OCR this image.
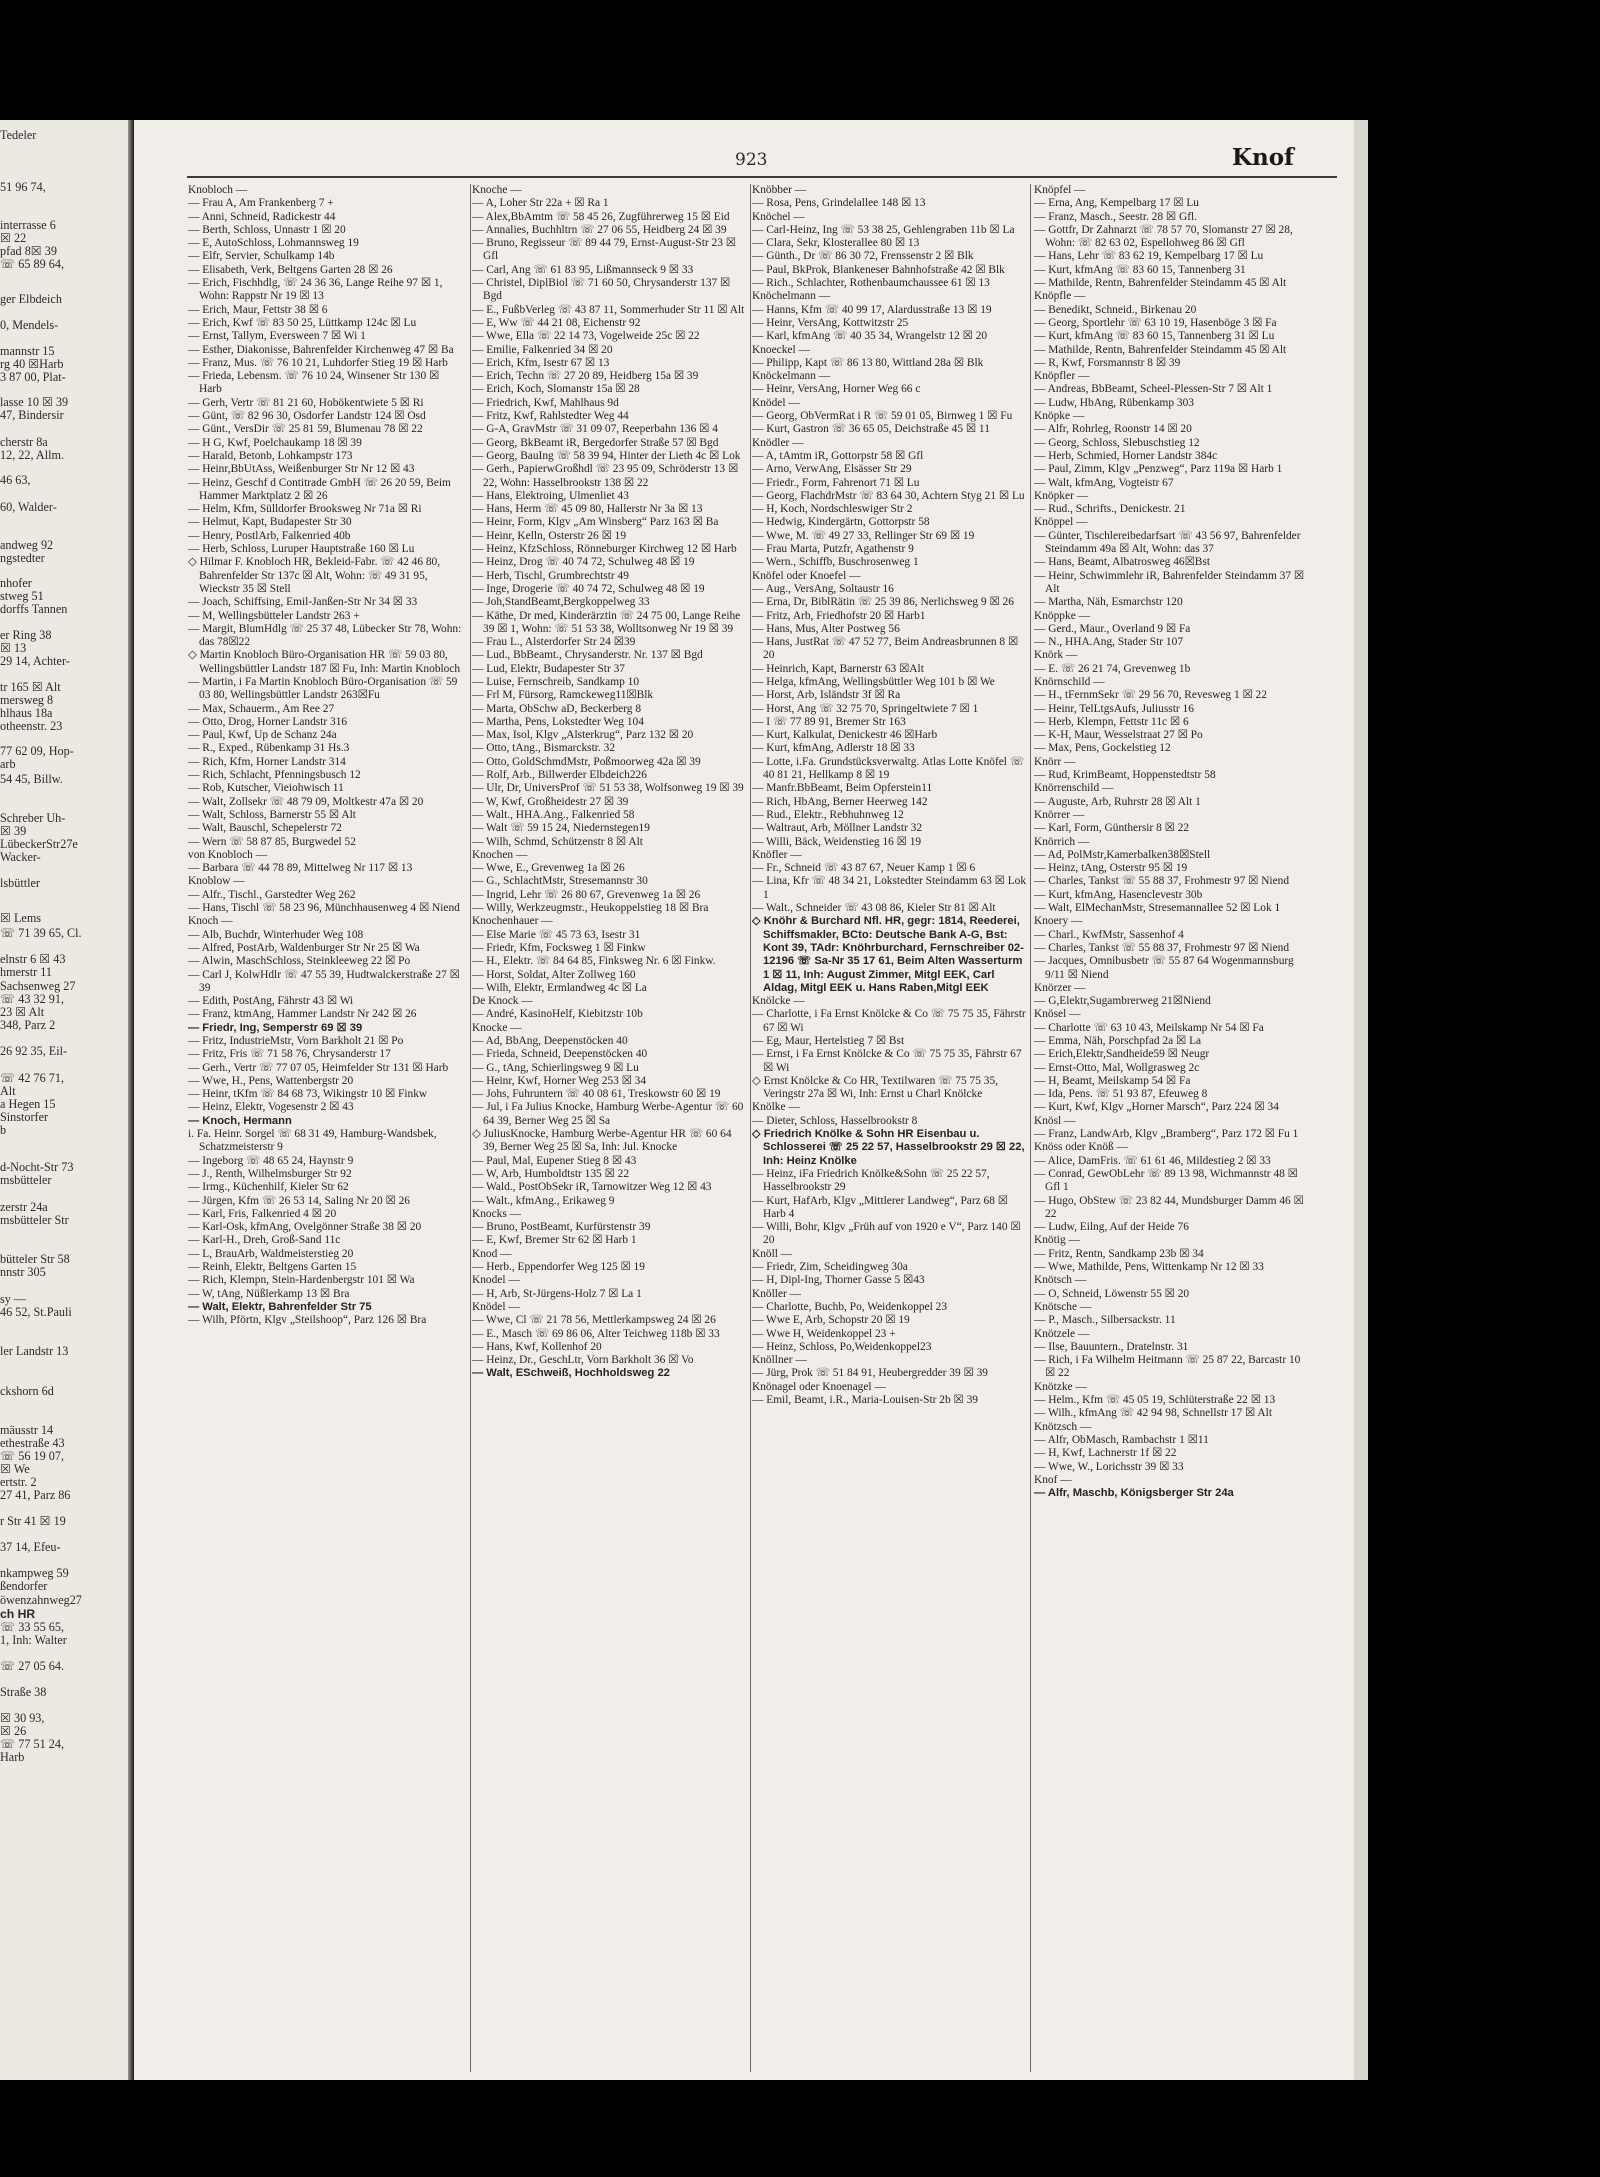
Tedeler
51 96 74,
interrasse 6
☒ 22
pfad 8☒ 39
☏ 65 89 64,
ger Elbdeich
0, Mendels-
mannstr 15
rg 40 ☒Harb
3 87 00, Plat-
lasse 10 ☒ 39
47, Bindersir
cherstr 8a
12, 22, Allm.
46 63,
60, Walder-
andweg 92
ngstedter
nhofer
stweg 51
dorffs Tannen
er Ring 38
☒ 13
29 14, Achter-
tr 165 ☒ Alt
mersweg 8
hlhaus 18a
otheenstr. 23
77 62 09, Hop-
arb
54 45, Billw.
Schreber Uh-
☒ 39
LübeckerStr27e
Wacker-
lsbüttler
☒ Lems
☏ 71 39 65, Cl.
elnstr 6 ☒ 43
hmerstr 11
Sachsenweg 27
☏ 43 32 91,
23 ☒ Alt
348, Parz 2
26 92 35, Eil-
☏ 42 76 71,
Alt
a Hegen 15
Sinstorfer
b
d-Nocht-Str 73
msbütteler
zerstr 24a
msbütteler Str
bütteler Str 58
nnstr 305
sy —
46 52, St.Pauli
ler Landstr 13
ckshorn 6d
mäusstr 14
ethestraße 43
☏ 56 19 07,
☒ We
ertstr. 2
27 41, Parz 86
r Str 41 ☒ 19
37 14, Efeu-
nkampweg 59
ßendorfer
öwenzahnweg27
ch HR
☏ 33 55 65,
1, Inh: Walter
☏ 27 05 64.
Straße 38
☒ 30 93,
☒ 26
☏ 77 51 24,
Harb
923	Knof
Knobloch —
— Frau A, Am Frankenberg 7 +
— Anni, Schneid, Radickestr 44
— Berth, Schloss, Unnastr 1 ☒ 20
— E, AutoSchloss, Lohmannsweg 19
— Elfr, Servier, Schulkamp 14b
— Elisabeth, Verk, Beltgens Garten 28 ☒ 26
— Erich, Fischhdlg, ☏ 24 36 36, Lange Reihe 97 ☒ 1, Wohn: Rappstr Nr 19 ☒ 13
— Erich, Maur, Fettstr 38 ☒ 6
— Erich, Kwf ☏ 83 50 25, Lüttkamp 124c ☒ Lu
— Ernst, Tallym, Eversween 7 ☒ Wi 1
— Esther, Diakonisse, Bahrenfelder Kirchenweg 47 ☒ Ba
— Franz, Mus. ☏ 76 10 21, Luhdorfer Stieg 19 ☒ Harb
— Frieda, Lebensm. ☏ 76 10 24, Winsener Str 130 ☒ Harb
— Gerh, Vertr ☏ 81 21 60, Hobökentwiete 5 ☒ Ri
— Günt, ☏ 82 96 30, Osdorfer Landstr 124 ☒ Osd
— Günt., VersDir ☏ 25 81 59, Blumenau 78 ☒ 22
— H G, Kwf, Poelchaukamp 18 ☒ 39
— Harald, Betonb, Lohkampstr 173
— Heinr,BbUtAss, Weißenburger Str Nr 12 ☒ 43
— Heinz, Geschf d Contitrade GmbH ☏ 26 20 59, Beim Hammer Marktplatz 2 ☒ 26
— Helm, Kfm, Sülldorfer Brooksweg Nr 71a ☒ Ri
— Helmut, Kapt, Budapester Str 30
— Henry, PostlArb, Falkenried 40b
— Herb, Schloss, Luruper Hauptstraße 160 ☒ Lu
◇ Hilmar F. Knobloch HR, Bekleid-Fabr. ☏ 42 46 80, Bahrenfelder Str 137c ☒ Alt, Wohn: ☏ 49 31 95, Wieckstr 35 ☒ Stell
— Joach, Schiffsing, Emil-Janßen-Str Nr 34 ☒ 33
— M, Wellingsbütteler Landstr 263 +
— Margit, BlumHdlg ☏ 25 37 48, Lübecker Str 78, Wohn: das 78☒22
◇ Martin Knobloch Büro-Organisation HR ☏ 59 03 80, Wellingsbüttler Landstr 187 ☒ Fu, Inh: Martin Knobloch
— Martin, i Fa Martin Knobloch Büro-Organisation ☏ 59 03 80, Wellingsbüttler Landstr 263☒Fu
— Max, Schauerm., Am Ree 27
— Otto, Drog, Horner Landstr 316
— Paul, Kwf, Up de Schanz 24a
— R., Exped., Rübenkamp 31 Hs.3
— Rich, Kfm, Horner Landstr 314
— Rich, Schlacht, Pfenningsbusch 12
— Rob, Kutscher, Vieiohwisch 11
— Walt, Zollsekr ☏ 48 79 09, Moltkestr 47a ☒ 20
— Walt, Schloss, Barnerstr 55 ☒ Alt
— Walt, Bauschl, Schepelerstr 72
— Wern ☏ 58 87 85, Burgwedel 52
von Knobloch —
— Barbara ☏ 44 78 89, Mittelweg Nr 117 ☒ 13
Knoblow —
— Alfr., Tischl., Garstedter Weg 262
— Hans, Tischl ☏ 58 23 96, Münchhausenweg 4 ☒ Niend
Knoch —
— Alb, Buchdr, Winterhuder Weg 108
— Alfred, PostArb, Waldenburger Str Nr 25 ☒ Wa
— Alwin, MaschSchloss, Steinkleeweg 22 ☒ Po
— Carl J, KolwHdlr ☏ 47 55 39, Hudtwalckerstraße 27 ☒ 39
— Edith, PostAng, Fährstr 43 ☒ Wi
— Franz, ktmAng, Hammer Landstr Nr 242 ☒ 26
— Friedr, Ing, Semperstr 69 ☒ 39
— Fritz, IndustrieMstr, Vorn Barkholt 21 ☒ Po
— Fritz, Fris ☏ 71 58 76, Chrysanderstr 17
— Gerh., Vertr ☏ 77 07 05, Heimfelder Str 131 ☒ Harb
— Wwe, H., Pens, Wattenbergstr 20
— Heinr, tKfm ☏ 84 68 73, Wikingstr 10 ☒ Finkw
— Heinz, Elektr, Vogesenstr 2 ☒ 43
— Knoch, Hermann
i. Fa. Heinr. Sorgel ☏ 68 31 49, Hamburg-Wandsbek, Schatzmeisterstr 9
— Ingeborg ☏ 48 65 24, Haynstr 9
— J., Renth, Wilhelmsburger Str 92
— Irmg., Küchenhilf, Kieler Str 62
— Jürgen, Kfm ☏ 26 53 14, Saling Nr 20 ☒ 26
— Karl, Fris, Falkenried 4 ☒ 20
— Karl-Osk, kfmAng, Ovelgönner Straße 38 ☒ 20
— Karl-H., Dreh, Groß-Sand 11c
— L, BrauArb, Waldmeisterstieg 20
— Reinh, Elektr, Beltgens Garten 15
— Rich, Klempn, Stein-Hardenbergstr 101 ☒ Wa
— W, tAng, Nüßlerkamp 13 ☒ Bra
— Walt, Elektr, Bahrenfelder Str 75
— Wilh, Pförtn, Klgv „Steilshoop“, Parz 126 ☒ Bra
Knoche —
— A, Loher Str 22a + ☒ Ra 1
— Alex,BbAmtm ☏ 58 45 26, Zugführerweg 15 ☒ Eid
— Annalies, Buchhltrn ☏ 27 06 55, Heidberg 24 ☒ 39
— Bruno, Regisseur ☏ 89 44 79, Ernst-August-Str 23 ☒ Gfl
— Carl, Ang ☏ 61 83 95, Lißmannseck 9 ☒ 33
— Christel, DiplBiol ☏ 71 60 50, Chrysanderstr 137 ☒ Bgd
— E., FußbVerleg ☏ 43 87 11, Sommerhuder Str 11 ☒ Alt
— E, Ww ☏ 44 21 08, Eichenstr 92
— Wwe, Ella ☏ 22 14 73, Vogelweide 25c ☒ 22
— Emilie, Falkenried 34 ☒ 20
— Erich, Kfm, Isestr 67 ☒ 13
— Erich, Techn ☏ 27 20 89, Heidberg 15a ☒ 39
— Erich, Koch, Slomanstr 15a ☒ 28
— Friedrich, Kwf, Mahlhaus 9d
— Fritz, Kwf, Rahlstedter Weg 44
— G-A, GravMstr ☏ 31 09 07, Reeperbahn 136 ☒ 4
— Georg, BkBeamt iR, Bergedorfer Straße 57 ☒ Bgd
— Georg, BauIng ☏ 58 39 94, Hinter der Lieth 4c ☒ Lok
— Gerh., PapierwGroßhdl ☏ 23 95 09, Schröderstr 13 ☒ 22, Wohn: Hasselbrookstr 138 ☒ 22
— Hans, Elektroing, Ulmenliet 43
— Hans, Herm ☏ 45 09 80, Hallerstr Nr 3a ☒ 13
— Heinr, Form, Klgv „Am Winsberg“ Parz 163 ☒ Ba
— Heinr, Kelln, Osterstr 26 ☒ 19
— Heinz, KfzSchloss, Rönneburger Kirchweg 12 ☒ Harb
— Heinz, Drog ☏ 40 74 72, Schulweg 48 ☒ 19
— Herb, Tischl, Grumbrechtstr 49
— Inge, Drogerie ☏ 40 74 72, Schulweg 48 ☒ 19
— Joh,StandBeamt,Bergkoppelweg 33
— Käthe, Dr med, Kinderärztin ☏ 24 75 00, Lange Reihe 39 ☒ 1, Wohn: ☏ 51 53 38, Wolltsonweg Nr 19 ☒ 39
— Frau L., Alsterdorfer Str 24 ☒39
— Lud., BbBeamt., Chrysanderstr. Nr. 137 ☒ Bgd
— Lud, Elektr, Budapester Str 37
— Luise, Fernschreib, Sandkamp 10
— Frl M, Fürsorg, Ramckeweg11☒Blk
— Marta, ObSchw aD, Beckerberg 8
— Martha, Pens, Lokstedter Weg 104
— Max, Isol, Klgv „Alsterkrug“, Parz 132 ☒ 20
— Otto, tAng., Bismarckstr. 32
— Otto, GoldSchmdMstr, Poßmoorweg 42a ☒ 39
— Rolf, Arb., Billwerder Elbdeich226
— Ulr, Dr, UniversProf ☏ 51 53 38, Wolfsonweg 19 ☒ 39
— W, Kwf, Großheidestr 27 ☒ 39
— Walt., HHA.Ang., Falkenried 58
— Walt ☏ 59 15 24, Niedernstegen19
— Wilh, Schmd, Schützenstr 8 ☒ Alt
Knochen —
— Wwe, E., Grevenweg 1a ☒ 26
— G., SchlachtMstr, Stresemannstr 30
— Ingrid, Lehr ☏ 26 80 67, Grevenweg 1a ☒ 26
— Willy, Werkzeugmstr., Heukoppelstieg 18 ☒ Bra
Knochenhauer —
— Else Marie ☏ 45 73 63, Isestr 31
— Friedr, Kfm, Focksweg 1 ☒ Finkw
— H., Elektr. ☏ 84 64 85, Finksweg Nr. 6 ☒ Finkw.
— Horst, Soldat, Alter Zollweg 160
— Wilh, Elektr, Ermlandweg 4c ☒ La
De Knock —
— André, KasinoHelf, Kiebitzstr 10b
Knocke —
— Ad, BbAng, Deepenstöcken 40
— Frieda, Schneid, Deepenstöcken 40
— G., tAng, Schierlingsweg 9 ☒ Lu
— Heinr, Kwf, Horner Weg 253 ☒ 34
— Johs, Fuhruntern ☏ 40 08 61, Treskowstr 60 ☒ 19
— Jul, i Fa Julius Knocke, Hamburg Werbe-Agentur ☏ 60 64 39, Berner Weg 25 ☒ Sa
◇ JuliusKnocke, Hamburg Werbe-Agentur HR ☏ 60 64 39, Berner Weg 25 ☒ Sa, Inh: Jul. Knocke
— Paul, Mal, Eupener Stieg 8 ☒ 43
— W, Arb, Humboldtstr 135 ☒ 22
— Wald., PostObSekr iR, Tarnowitzer Weg 12 ☒ 43
— Walt., kfmAng., Erikaweg 9
Knocks —
— Bruno, PostBeamt, Kurfürstenstr 39
— E, Kwf, Bremer Str 62 ☒ Harb 1
Knod —
— Herb., Eppendorfer Weg 125 ☒ 19
Knodel —
— H, Arb, St-Jürgens-Holz 7 ☒ La 1
Knödel —
— Wwe, Cl ☏ 21 78 56, Mettlerkampsweg 24 ☒ 26
— E., Masch ☏ 69 86 06, Alter Teichweg 118b ☒ 33
— Hans, Kwf, Kollenhof 20
— Heinz, Dr., GeschLtr, Vorn Barkholt 36 ☒ Vo
— Walt, ESchweiß, Hochholdsweg 22
Knöbber —
— Rosa, Pens, Grindelallee 148 ☒ 13
Knöchel —
— Carl-Heinz, Ing ☏ 53 38 25, Gehlengraben 11b ☒ La
— Clara, Sekr, Klosterallee 80 ☒ 13
— Günth., Dr ☏ 86 30 72, Frenssenstr 2 ☒ Blk
— Paul, BkProk, Blankeneser Bahnhofstraße 42 ☒ Blk
— Rich., Schlachter, Rothenbaumchaussee 61 ☒ 13
Knöchelmann —
— Hanns, Kfm ☏ 40 99 17, Alardusstraße 13 ☒ 19
— Heinr, VersAng, Kottwitzstr 25
— Karl, kfmAng ☏ 40 35 34, Wrangelstr 12 ☒ 20
Knoeckel —
— Philipp, Kapt ☏ 86 13 80, Wittland 28a ☒ Blk
Knöckelmann —
— Heinr, VersAng, Horner Weg 66 c
Knödel —
— Georg, ObVermRat i R ☏ 59 01 05, Birnweg 1 ☒ Fu
— Kurt, Gastron ☏ 36 65 05, Deichstraße 45 ☒ 11
Knödler —
— A, tAmtm iR, Gottorpstr 58 ☒ Gfl
— Arno, VerwAng, Elsässer Str 29
— Friedr., Form, Fahrenort 71 ☒ Lu
— Georg, FlachdrMstr ☏ 83 64 30, Achtern Styg 21 ☒ Lu
— H, Koch, Nordschleswiger Str 2
— Hedwig, Kindergärtn, Gottorpstr 58
— Wwe, M. ☏ 49 27 33, Rellinger Str 69 ☒ 19
— Frau Marta, Putzfr, Agathenstr 9
— Wern., Schiffb, Buschrosenweg 1
Knöfel oder Knoefel —
— Aug., VersAng, Soltaustr 16
— Erna, Dr, BiblRätin ☏ 25 39 86, Nerlichsweg 9 ☒ 26
— Fritz, Arb, Friedhofstr 20 ☒ Harb1
— Hans, Mus, Alter Postweg 56
— Hans, JustRat ☏ 47 52 77, Beim Andreasbrunnen 8 ☒ 20
— Heinrich, Kapt, Barnerstr 63 ☒Alt
— Helga, kfmAng, Wellingsbüttler Weg 101 b ☒ We
— Horst, Arb, Isländstr 3f ☒ Ra
— Horst, Ang ☏ 32 75 70, Springeltwiete 7 ☒ 1
— I ☏ 77 89 91, Bremer Str 163
— Kurt, Kalkulat, Denickestr 46 ☒Harb
— Kurt, kfmAng, Adlerstr 18 ☒ 33
— Lotte, i.Fa. Grundstücksverwaltg. Atlas Lotte Knöfel ☏ 40 81 21, Hellkamp 8 ☒ 19
— Manfr.BbBeamt, Beim Opferstein11
— Rich, HbAng, Berner Heerweg 142
— Rud., Elektr., Rebhuhnweg 12
— Waltraut, Arb, Möllner Landstr 32
— Willi, Bäck, Weidenstieg 16 ☒ 19
Knöfler —
— Fr., Schneid ☏ 43 87 67, Neuer Kamp 1 ☒ 6
— Lina, Kfr ☏ 48 34 21, Lokstedter Steindamm 63 ☒ Lok 1
— Walt., Schneider ☏ 43 08 86, Kieler Str 81 ☒ Alt
◇ Knöhr & Burchard Nfl. HR, gegr: 1814, Reederei, Schiffsmakler, BCto: Deutsche Bank A-G, Bst: Kont 39, TAdr: Knöhrburchard, Fernschreiber 02-12196 ☏ Sa-Nr 35 17 61, Beim Alten Wasserturm 1 ☒ 11, Inh: August Zimmer, Mitgl EEK, Carl Aldag, Mitgl EEK u. Hans Raben,Mitgl EEK
Knölcke —
— Charlotte, i Fa Ernst Knölcke & Co ☏ 75 75 35, Fährstr 67 ☒ Wi
— Eg, Maur, Hertelstieg 7 ☒ Bst
— Ernst, i Fa Ernst Knölcke & Co ☏ 75 75 35, Fährstr 67 ☒ Wi
◇ Ernst Knölcke & Co HR, Textilwaren ☏ 75 75 35, Veringstr 27a ☒ Wi, Inh: Ernst u Charl Knölcke
Knölke —
— Dieter, Schloss, Hasselbrookstr 8
◇ Friedrich Knölke & Sohn HR Eisenbau u. Schlosserei ☏ 25 22 57, Hasselbrookstr 29 ☒ 22, Inh: Heinz Knölke
— Heinz, iFa Friedrich Knölke&Sohn ☏ 25 22 57, Hasselbrookstr 29
— Kurt, HafArb, Klgv „Mittlerer Landweg“, Parz 68 ☒ Harb 4
— Willi, Bohr, Klgv „Früh auf von 1920 e V“, Parz 140 ☒ 20
Knöll —
— Friedr, Zim, Scheidingweg 30a
— H, Dipl-Ing, Thorner Gasse 5 ☒43
Knöller —
— Charlotte, Buchb, Po, Weidenkoppel 23
— Wwe E, Arb, Schopstr 20 ☒ 19
— Wwe H, Weidenkoppel 23 +
— Heinz, Schloss, Po,Weidenkoppel23
Knöllner —
— Jürg, Prok ☏ 51 84 91, Heubergredder 39 ☒ 39
Knönagel oder Knoenagel —
— Emil, Beamt, i.R., Maria-Louisen-Str 2b ☒ 39
Knöpfel —
— Erna, Ang, Kempelbarg 17 ☒ Lu
— Franz, Masch., Seestr. 28 ☒ Gfl.
— Gottfr, Dr Zahnarzt ☏ 78 57 70, Slomanstr 27 ☒ 28, Wohn: ☏ 82 63 02, Espellohweg 86 ☒ Gfl
— Hans, Lehr ☏ 83 62 19, Kempelbarg 17 ☒ Lu
— Kurt, kfmAng ☏ 83 60 15, Tannenberg 31
— Mathilde, Rentn, Bahrenfelder Steindamm 45 ☒ Alt
Knöpfle —
— Benedikt, Schneid., Birkenau 20
— Georg, Sportlehr ☏ 63 10 19, Hasenböge 3 ☒ Fa
— Kurt, kfmAng ☏ 83 60 15, Tannenberg 31 ☒ Lu
— Mathilde, Rentn, Bahrenfelder Steindamm 45 ☒ Alt
— R, Kwf, Forsmannstr 8 ☒ 39
Knöpfler —
— Andreas, BbBeamt, Scheel-Plessen-Str 7 ☒ Alt 1
— Ludw, HbAng, Rübenkamp 303
Knöpke —
— Alfr, Rohrleg, Roonstr 14 ☒ 20
— Georg, Schloss, Slebuschstieg 12
— Herb, Schmied, Horner Landstr 384c
— Paul, Zimm, Klgv „Penzweg“, Parz 119a ☒ Harb 1
— Walt, kfmAng, Vogteistr 67
Knöpker —
— Rud., Schrifts., Denickestr. 21
Knöppel —
— Günter, Tischlereibedarfsart ☏ 43 56 97, Bahrenfelder Steindamm 49a ☒ Alt, Wohn: das 37
— Hans, Beamt, Albatrosweg 46☒Bst
— Heinr, Schwimmlehr iR, Bahrenfelder Steindamm 37 ☒ Alt
— Martha, Näh, Esmarchstr 120
Knöppke —
— Gerd., Maur., Overland 9 ☒ Fa
— N., HHA.Ang, Stader Str 107
Knörk —
— E. ☏ 26 21 74, Grevenweg 1b
Knörnschild —
— H., tFernmSekr ☏ 29 56 70, Revesweg 1 ☒ 22
— Heinr, TelLtgsAufs, Juliusstr 16
— Herb, Klempn, Fettstr 11c ☒ 6
— K-H, Maur, Wesselstraat 27 ☒ Po
— Max, Pens, Gockelstieg 12
Knörr —
— Rud, KrimBeamt, Hoppenstedtstr 58
Knörrenschild —
— Auguste, Arb, Ruhrstr 28 ☒ Alt 1
Knörrer —
— Karl, Form, Günthersir 8 ☒ 22
Knörrich —
— Ad, PolMstr,Kamerbalken38☒Stell
— Heinz, tAng, Osterstr 95 ☒ 19
— Charles, Tankst ☏ 55 88 37, Frohmestr 97 ☒ Niend
— Kurt, kfmAng, Hasenclevestr 30b
— Walt, ElMechanMstr, Stresemannallee 52 ☒ Lok 1
Knoery —
— Charl., KwfMstr, Sassenhof 4
— Charles, Tankst ☏ 55 88 37, Frohmestr 97 ☒ Niend
— Jacques, Omnibusbetr ☏ 55 87 64 Wogenmannsburg 9/11 ☒ Niend
Knörzer —
— G,Elektr,Sugambrerweg 21☒Niend
Knösel —
— Charlotte ☏ 63 10 43, Meilskamp Nr 54 ☒ Fa
— Emma, Näh, Porschpfad 2a ☒ La
— Erich,Elektr,Sandheide59 ☒ Neugr
— Ernst-Otto, Mal, Wollgrasweg 2c
— H, Beamt, Meilskamp 54 ☒ Fa
— Ida, Pens. ☏ 51 93 87, Efeuweg 8
— Kurt, Kwf, Klgv „Horner Marsch“, Parz 224 ☒ 34
Knösl —
— Franz, LandwArb, Klgv „Bramberg“, Parz 172 ☒ Fu 1
Knöss oder Knöß —
— Alice, DamFris. ☏ 61 61 46, Mildestieg 2 ☒ 33
— Conrad, GewObLehr ☏ 89 13 98, Wichmannstr 48 ☒ Gfl 1
— Hugo, ObStew ☏ 23 82 44, Mundsburger Damm 46 ☒ 22
— Ludw, Eilng, Auf der Heide 76
Knötig —
— Fritz, Rentn, Sandkamp 23b ☒ 34
— Wwe, Mathilde, Pens, Wittenkamp Nr 12 ☒ 33
Knötsch —
— O, Schneid, Löwenstr 55 ☒ 20
Knötsche —
— P., Masch., Silbersackstr. 11
Knötzele —
— Ilse, Bauuntern., Dratelnstr. 31
— Rich, i Fa Wilhelm Heitmann ☏ 25 87 22, Barcastr 10 ☒ 22
Knötzke —
— Helm., Kfm ☏ 45 05 19, Schlüterstraße 22 ☒ 13
— Wilh., kfmAng ☏ 42 94 98, Schnellstr 17 ☒ Alt
Knötzsch —
— Alfr, ObMasch, Rambachstr 1 ☒11
— H, Kwf, Lachnerstr 1f ☒ 22
— Wwe, W., Lorichsstr 39 ☒ 33
Knof —
— Alfr, Maschb, Königsberger Str 24a
